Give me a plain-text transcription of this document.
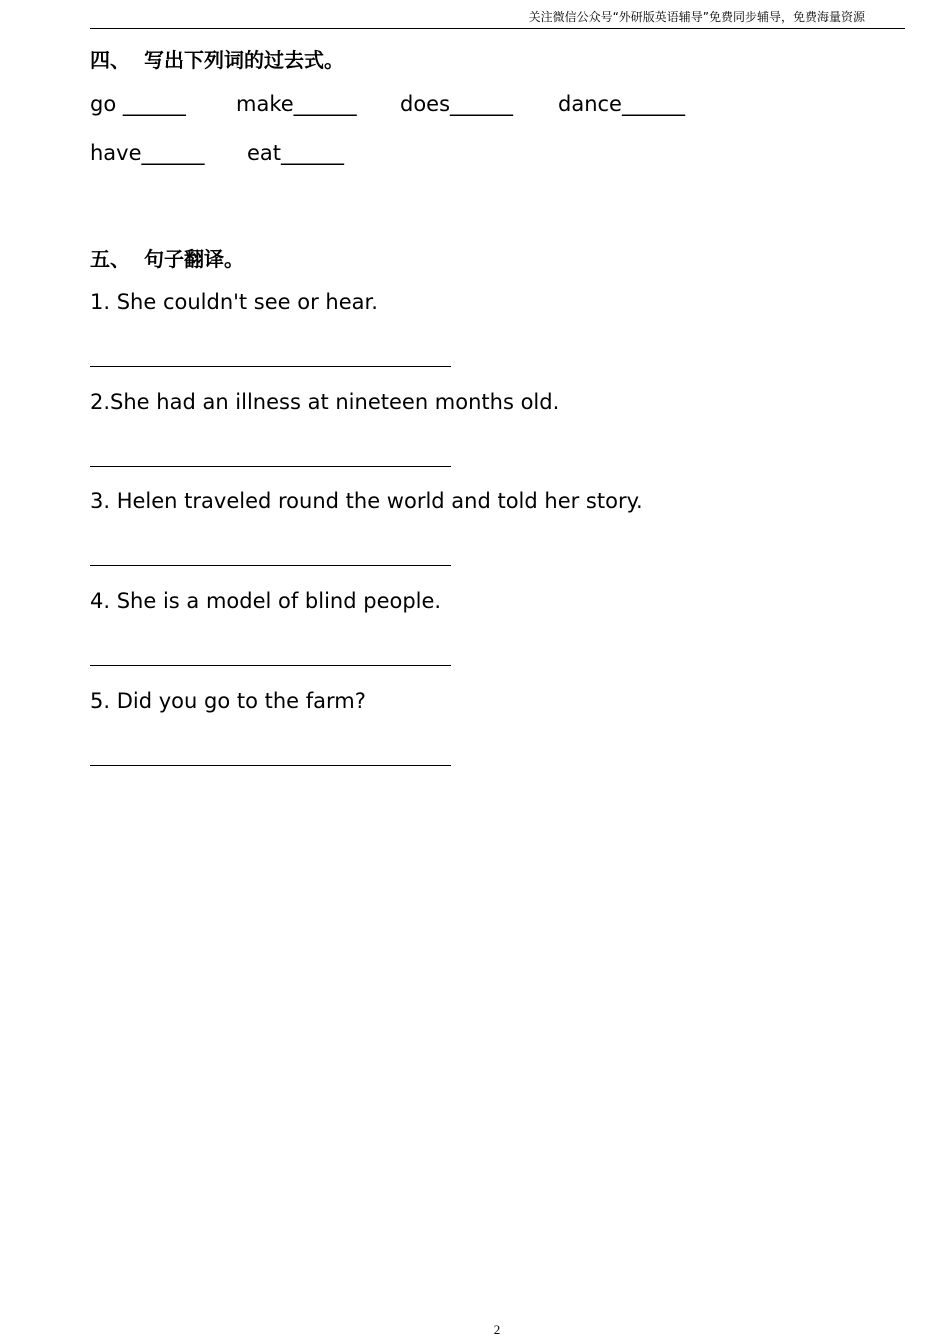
关注微信公众号“外研版英语辅导”免费同步辅导，免费海量资源
四、 写出下列词的过去式。
go ______ make______ does______ dance______
have______ eat______
五、 句子翻译。
1. She couldn't see or hear.
2.She had an illness at nineteen months old.
3. Helen traveled round the world and told her story.
4. She is a model of blind people.
5. Did you go to the farm?
2
